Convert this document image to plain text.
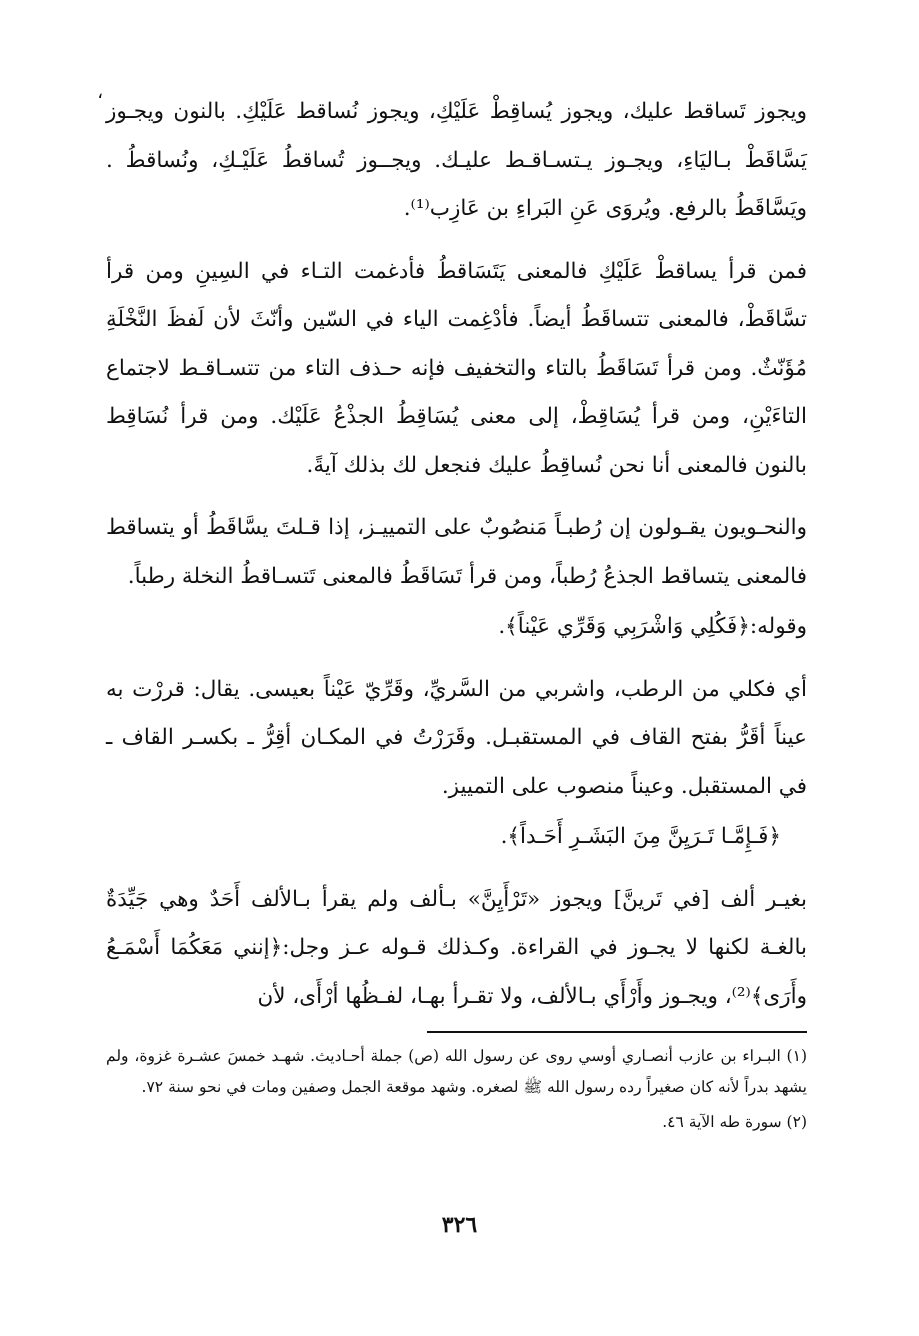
،

ويجوز تَساقط عليك، ويجوز يُساقِطْ عَلَيْكِ، ويجوز نُساقط عَلَيْكِ. بالنون ويجـوز يَسَّاقَطْ بـاليَاءِ، ويجـوز يـتسـاقـط عليـك. ويجــوز تُساقطُ عَلَيْـكِ، ونُساقطُ . ويَسَّاقَطُ بالرفع. ويُروَى عَنِ البَراءِ بن عَازِب⁽¹⁾.

فمن قرأ يساقطْ عَلَيْكِ فالمعنى يَتَسَاقطُ فأدغمت التـاء في السِينِ ومن قرأ تسَّاقَطْ، فالمعنى تتساقَطُ أيضاً. فأدْغِمت الياء في السّين وأنّثَ لأن لَفظَ النَّخْلَةِ مُؤَنّثٌ. ومن قرأ تَسَاقَطُ بالتاء والتخفيف فإنه حـذف التاء من تتسـاقـط لاجتماع التاءَيْنِ، ومن قرأ يُسَاقِطْ، إلى معنى يُسَاقِطُ الجذْعُ عَلَيْك. ومن قرأ نُسَاقِط بالنون فالمعنى أنا نحن نُساقِطُ عليك فنجعل لك بذلك آيةً.

والنحـويون يقـولون إن رُطبـاً مَنصُوبٌ على التمييـز، إذا قـلتَ يسَّاقَطُ أو يتساقط فالمعنى يتساقط الجذعُ رُطباً، ومن قرأ تَسَاقَطُ فالمعنى تَتسـاقطُ النخلة رطباً.

وقوله:﴿فَكُلِي وَاشْرَبِي وَقَرِّي عَيْناً﴾.

أي فكلي من الرطب، واشربي من السَّريِّ، وقَرِّيّ عَيْناً بعيسى. يقال: قررْت به عيناً أقَرُّ بفتح القاف في المستقبـل. وقَرَرْتُ في المكـان أقِرُّ ـ بكسـر القاف ـ في المستقبل. وعيناً منصوب على التمييز.

﴿فَـإِمَّـا تَـرَيِنَّ مِنَ البَشَـرِ أَحَـداً﴾.

بغيـر ألف [في تَرينَّ] ويجوز «تَرْأَيِنَّ» بـألف ولم يقرأ بـالألف أَحَدٌ وهي جَيِّدَةٌ بالغـة لكنها لا يجـوز في القراءة. وكـذلك قـوله عـز وجل:﴿إنني مَعَكُمَا أَسْمَـعُ وأَرَى﴾⁽²⁾، ويجـوز وأَرْأَي بـالألف، ولا تقـرأ بهـا، لفـظُها أرْأَى، لأن

(١) البـراء بن عازب أنصـاري أوسي روى عن رسول الله (ص) جملة أحـاديث. شهـد خمسَ عشـرة غزوة، ولم يشهد بدراً لأنه كان صغيراً رده رسول الله ﷺ لصغره. وشهد موقعة الجمل وصفين ومات في نحو سنة ٧٢.

(٢) سورة طه الآية ٤٦.

٣٢٦
